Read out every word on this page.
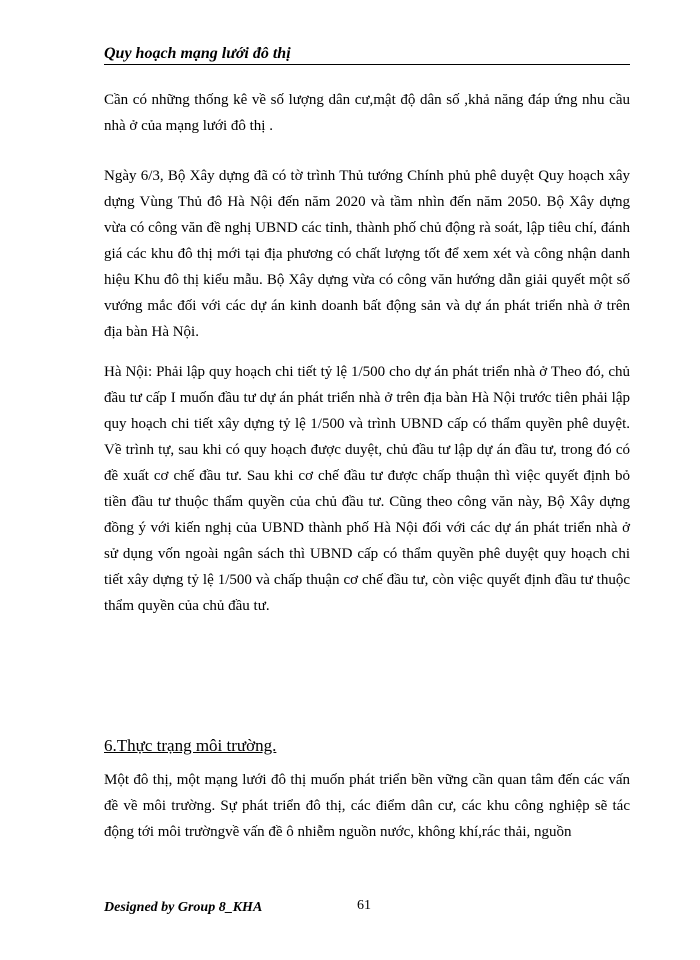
Quy hoạch mạng lưới đô thị

Cần có những thống kê về số lượng dân cư,mật độ dân số ,khả năng đáp ứng nhu cầu nhà ở của mạng lưới đô thị .

Ngày 6/3, Bộ Xây dựng đã có tờ trình Thủ tướng Chính phủ phê duyệt Quy hoạch xây dựng Vùng Thủ đô Hà Nội đến năm 2020 và tầm nhìn đến năm 2050. Bộ Xây dựng vừa có công văn đề nghị UBND các tỉnh, thành phố chủ động rà soát, lập tiêu chí, đánh giá các khu đô thị mới tại địa phương có chất lượng tốt để xem xét và công nhận danh hiệu Khu đô thị kiểu mẫu. Bộ Xây dựng vừa có công văn hướng dẫn giải quyết một số vướng mắc đối với các dự án kinh doanh bất động sản và dự án phát triển nhà ở trên địa bàn Hà Nội.

Hà Nội: Phải lập quy hoạch chi tiết tỷ lệ 1/500 cho dự án phát triển nhà ở Theo đó, chủ đầu tư cấp I muốn đầu tư dự án phát triển nhà ở trên địa bàn Hà Nội trước tiên phải lập quy hoạch chi tiết xây dựng tỷ lệ 1/500 và trình UBND cấp có thẩm quyền phê duyệt. Về trình tự, sau khi có quy hoạch được duyệt, chủ đầu tư lập dự án đầu tư, trong đó có đề xuất cơ chế đầu tư. Sau khi cơ chế đầu tư được chấp thuận thì việc quyết định bỏ tiền đầu tư thuộc thẩm quyền của chủ đầu tư. Cũng theo công văn này, Bộ Xây dựng đồng ý với kiến nghị của UBND thành phố Hà Nội đối với các dự án phát triển nhà ở sử dụng vốn ngoài ngân sách thì UBND cấp có thẩm quyền phê duyệt quy hoạch chi tiết xây dựng tỷ lệ 1/500 và chấp thuận cơ chế đầu tư, còn việc quyết định đầu tư thuộc thẩm quyền của chủ đầu tư.

6.Thực trạng môi trường.

Một đô thị, một mạng lưới đô thị muốn phát triển bền vững cần quan tâm đến các vấn đề về môi trường. Sự phát triển đô thị, các điểm dân cư, các khu công nghiệp sẽ tác động tới môi trườngvề vấn đề ô nhiễm nguồn nước, không khí,rác thải, nguồn

Designed by Group 8_KHA	61
